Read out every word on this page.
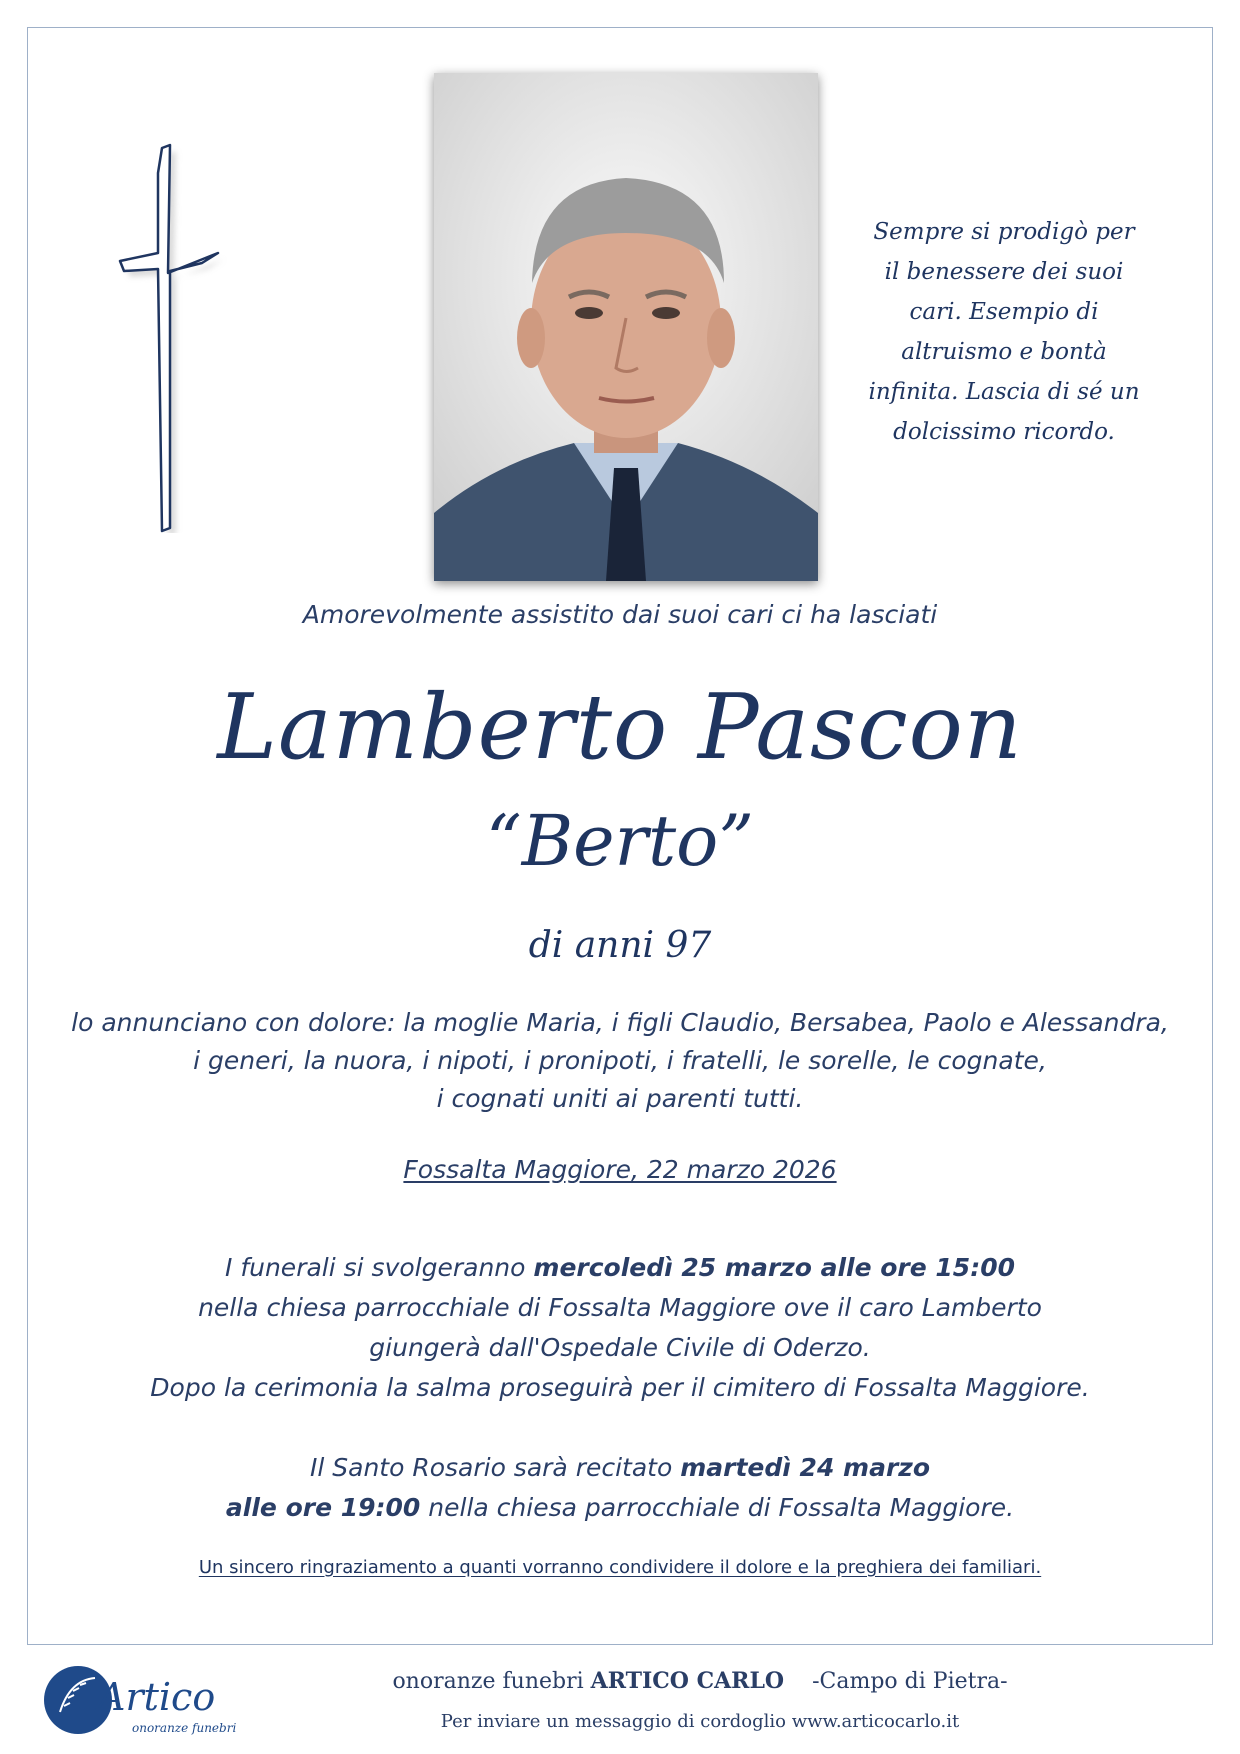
Sempre si prodigò per
il benessere dei suoi
cari. Esempio di
altruismo e bontà
infinita. Lascia di sé un
dolcissimo ricordo.
Amorevolmente assistito dai suoi cari ci ha lasciati
Lamberto Pascon
“Berto”
di anni 97
lo annunciano con dolore: la moglie Maria, i figli Claudio, Bersabea, Paolo e Alessandra,
i generi, la nuora, i nipoti, i pronipoti, i fratelli, le sorelle, le cognate,
i cognati uniti ai parenti tutti.
Fossalta Maggiore, 22 marzo 2026
I funerali si svolgeranno mercoledì 25 marzo alle ore 15:00
nella chiesa parrocchiale di Fossalta Maggiore ove il caro Lamberto
giungerà dall'Ospedale Civile di Oderzo.
Dopo la cerimonia la salma proseguirà per il cimitero di Fossalta Maggiore.
Il Santo Rosario sarà recitato martedì 24 marzo
alle ore 19:00 nella chiesa parrocchiale di Fossalta Maggiore.
Un sincero ringraziamento a quanti vorranno condividere il dolore e la preghiera dei familiari.
Artico
onoranze funebri
onoranze funebri ARTICO CARLO -Campo di Pietra-
Per inviare un messaggio di cordoglio www.articocarlo.it
